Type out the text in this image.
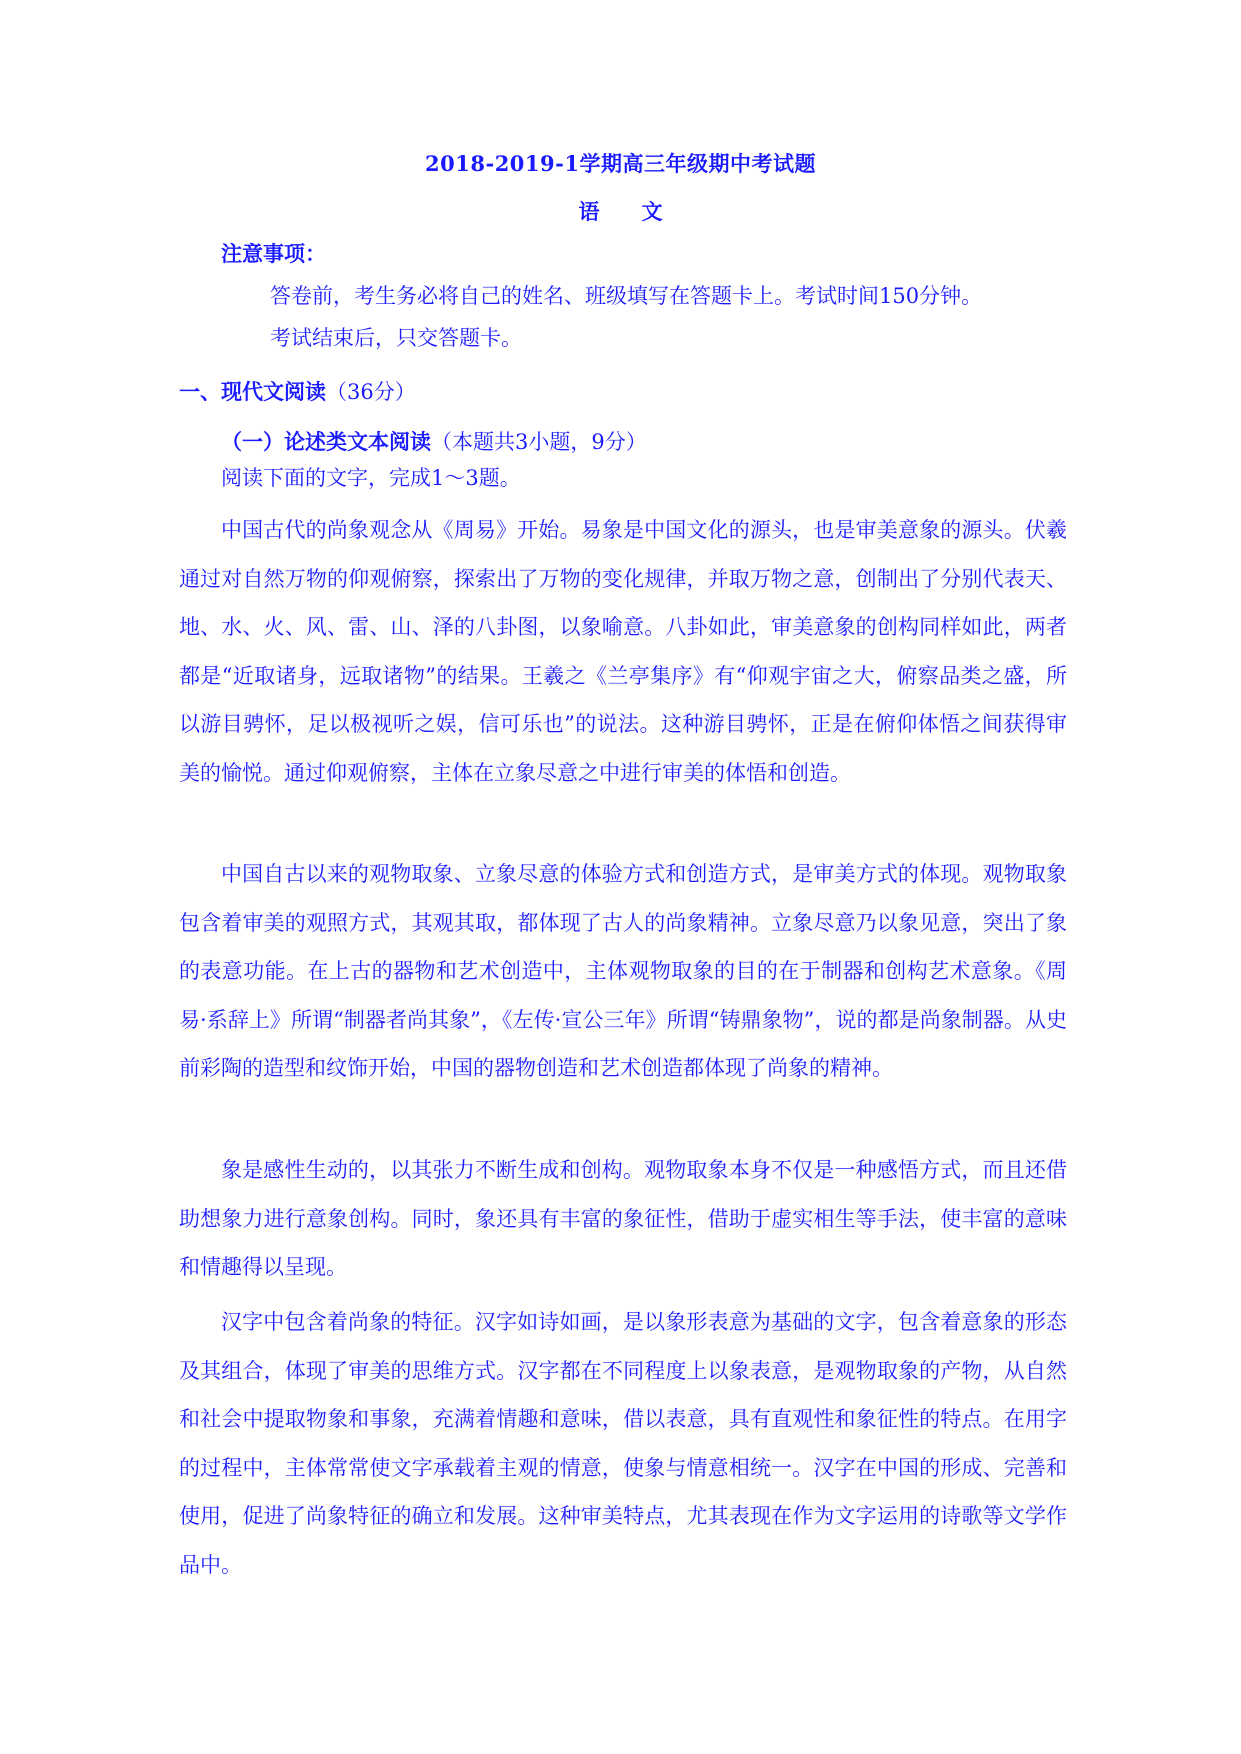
2018-2019-1学期高三年级期中考试题
语 文
注意事项：
答卷前，考生务必将自己的姓名、班级填写在答题卡上。考试时间150分钟。
考试结束后，只交答题卡。
一、现代文阅读（36分）
（一）论述类文本阅读（本题共3小题，9分）
阅读下面的文字，完成1～3题。

中国古代的尚象观念从《周易》开始。易象是中国文化的源头，也是审美意象的源头。伏羲通过对自然万物的仰观俯察，探索出了万物的变化规律，并取万物之意，创制出了分别代表天、地、水、火、风、雷、山、泽的八卦图，以象喻意。八卦如此，审美意象的创构同样如此，两者都是“近取诸身，远取诸物”的结果。王羲之《兰亭集序》有“仰观宇宙之大，俯察品类之盛，所以游目骋怀，足以极视听之娱，信可乐也”的说法。这种游目骋怀，正是在俯仰体悟之间获得审美的愉悦。通过仰观俯察，主体在立象尽意之中进行审美的体悟和创造。

中国自古以来的观物取象、立象尽意的体验方式和创造方式，是审美方式的体现。观物取象包含着审美的观照方式，其观其取，都体现了古人的尚象精神。立象尽意乃以象见意，突出了象的表意功能。在上古的器物和艺术创造中，主体观物取象的目的在于制器和创构艺术意象。《周易·系辞上》所谓“制器者尚其象”，《左传·宣公三年》所谓“铸鼎象物”，说的都是尚象制器。从史前彩陶的造型和纹饰开始，中国的器物创造和艺术创造都体现了尚象的精神。

象是感性生动的，以其张力不断生成和创构。观物取象本身不仅是一种感悟方式，而且还借助想象力进行意象创构。同时，象还具有丰富的象征性，借助于虚实相生等手法，使丰富的意味和情趣得以呈现。

汉字中包含着尚象的特征。汉字如诗如画，是以象形表意为基础的文字，包含着意象的形态及其组合，体现了审美的思维方式。汉字都在不同程度上以象表意，是观物取象的产物，从自然和社会中提取物象和事象，充满着情趣和意味，借以表意，具有直观性和象征性的特点。在用字的过程中，主体常常使文字承载着主观的情意，使象与情意相统一。汉字在中国的形成、完善和使用，促进了尚象特征的确立和发展。这种审美特点，尤其表现在作为文字运用的诗歌等文学作品中。
